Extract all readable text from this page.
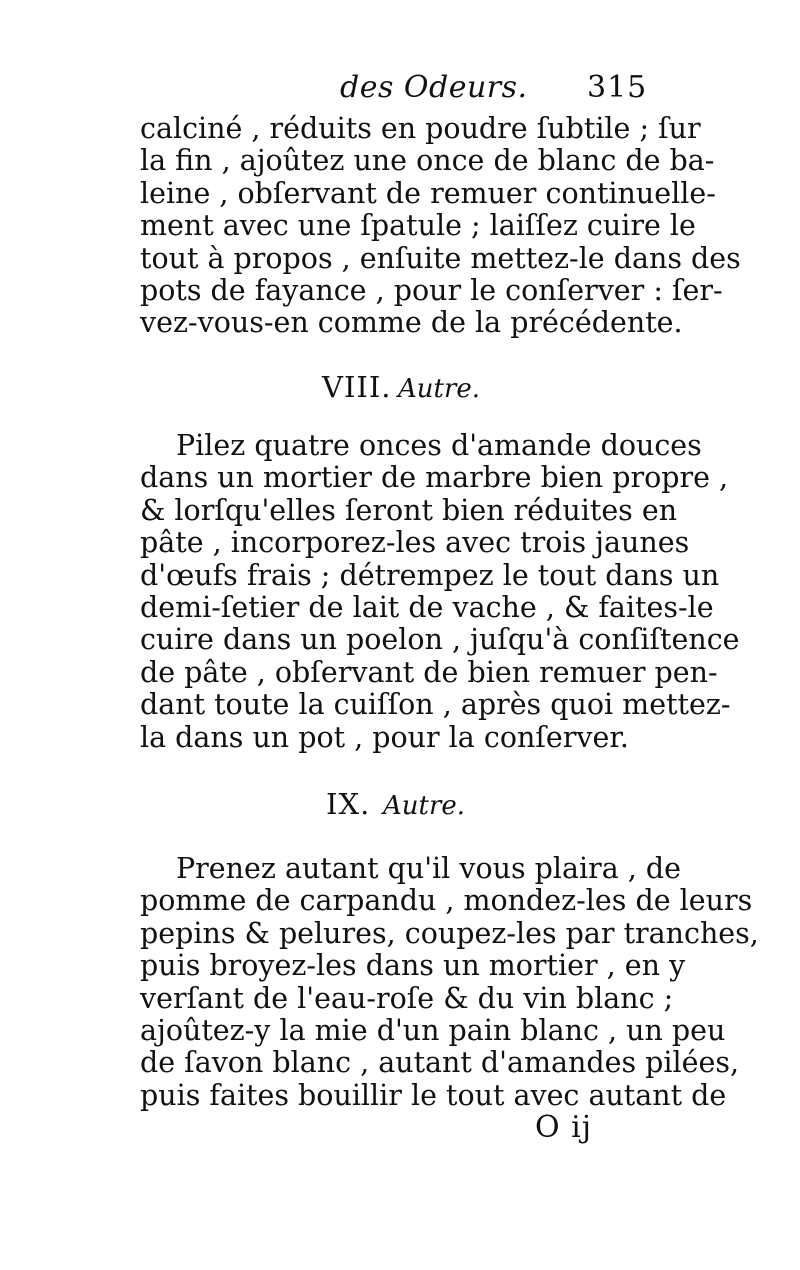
des Odeurs. 315
calciné , réduits en poudre ſubtile ; ſur
la fin , ajoûtez une once de blanc de ba-
leine , obſervant de remuer continuelle-
ment avec une ſpatule ; laiſſez cuire le
tout à propos , enſuite mettez-le dans des
pots de fayance , pour le conſerver : ſer-
vez-vous-en comme de la précédente.
VIII. Autre.
Pilez quatre onces d'amande douces
dans un mortier de marbre bien propre ,
& lorſqu'elles ſeront bien réduites en
pâte , incorporez-les avec trois jaunes
d'œufs frais ; détrempez le tout dans un
demi-ſetier de lait de vache , & faites-le
cuire dans un poelon , juſqu'à conſiſtence
de pâte , obſervant de bien remuer pen-
dant toute la cuiſſon , après quoi mettez-
la dans un pot , pour la conſerver.
IX. Autre.
Prenez autant qu'il vous plaira , de
pomme de carpandu , mondez-les de leurs
pepins & pelures, coupez-les par tranches,
puis broyez-les dans un mortier , en y
verſant de l'eau-roſe & du vin blanc ;
ajoûtez-y la mie d'un pain blanc , un peu
de ſavon blanc , autant d'amandes pilées,
puis faites bouillir le tout avec autant de
O ij
